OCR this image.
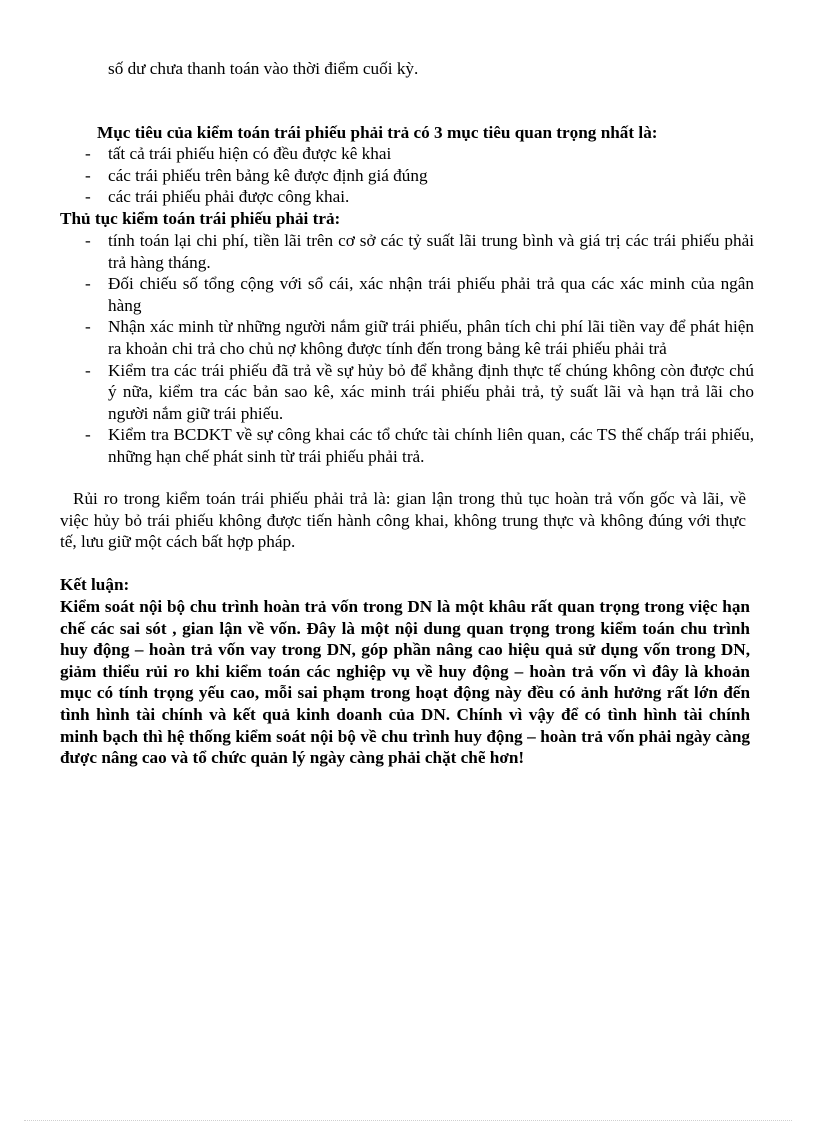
số dư chưa thanh toán vào thời điểm cuối kỳ.
Mục tiêu của kiểm toán trái phiếu phải trả có 3 mục tiêu quan trọng nhất là:
- tất cả trái phiếu hiện có đều được kê khai
- các trái phiếu trên bảng kê được định giá đúng
- các trái phiếu phải được công khai.
Thủ tục kiểm toán trái phiếu phải trả:
- tính toán lại chi phí, tiền lãi trên cơ sở các tỷ suất lãi trung bình và giá trị các trái phiếu phải trả hàng tháng.
- Đối chiếu số tổng cộng với sổ cái, xác nhận trái phiếu phải trả qua các xác minh của ngân hàng
- Nhận xác minh từ những người nắm giữ trái phiếu, phân tích chi phí lãi tiền vay để phát hiện ra khoản chi trả cho chủ nợ không được tính đến trong bảng kê trái phiếu phải trả
- Kiểm tra các trái phiếu đã trả về sự hủy bỏ để khẳng định thực tế chúng không còn được chú ý nữa, kiểm tra các bản sao kê, xác minh trái phiếu phải trả, tỷ suất lãi và hạn trả lãi cho người nắm giữ trái phiếu.
- Kiểm tra BCDKT về sự công khai các tổ chức tài chính liên quan, các TS thế chấp trái phiếu, những hạn chế phát sinh từ trái phiếu phải trả.

Rủi ro trong kiểm toán trái phiếu phải trả là: gian lận trong thủ tục hoàn trả vốn gốc và lãi, về việc hủy bỏ trái phiếu không được tiến hành công khai, không trung thực và không đúng với thực tế, lưu giữ một cách bất hợp pháp.

Kết luận:

Kiểm soát nội bộ chu trình hoàn trả vốn trong DN là một khâu rất quan trọng trong việc hạn chế các sai sót , gian lận về vốn. Đây là một nội dung quan trọng trong kiểm toán chu trình huy động – hoàn trả vốn vay trong DN, góp phần nâng cao hiệu quả sử dụng vốn trong DN, giảm thiểu rủi ro khi kiểm toán các nghiệp vụ về huy động – hoàn trả vốn vì đây là khoản mục có tính trọng yếu cao, mỗi sai phạm trong hoạt động này đều có ảnh hưởng rất lớn đến tình hình tài chính và kết quả kinh doanh của DN. Chính vì vậy để có tình hình tài chính minh bạch thì hệ thống kiểm soát nội bộ về chu trình huy động – hoàn trả vốn phải ngày càng được nâng cao và tổ chức quản lý ngày càng phải chặt chẽ hơn!
